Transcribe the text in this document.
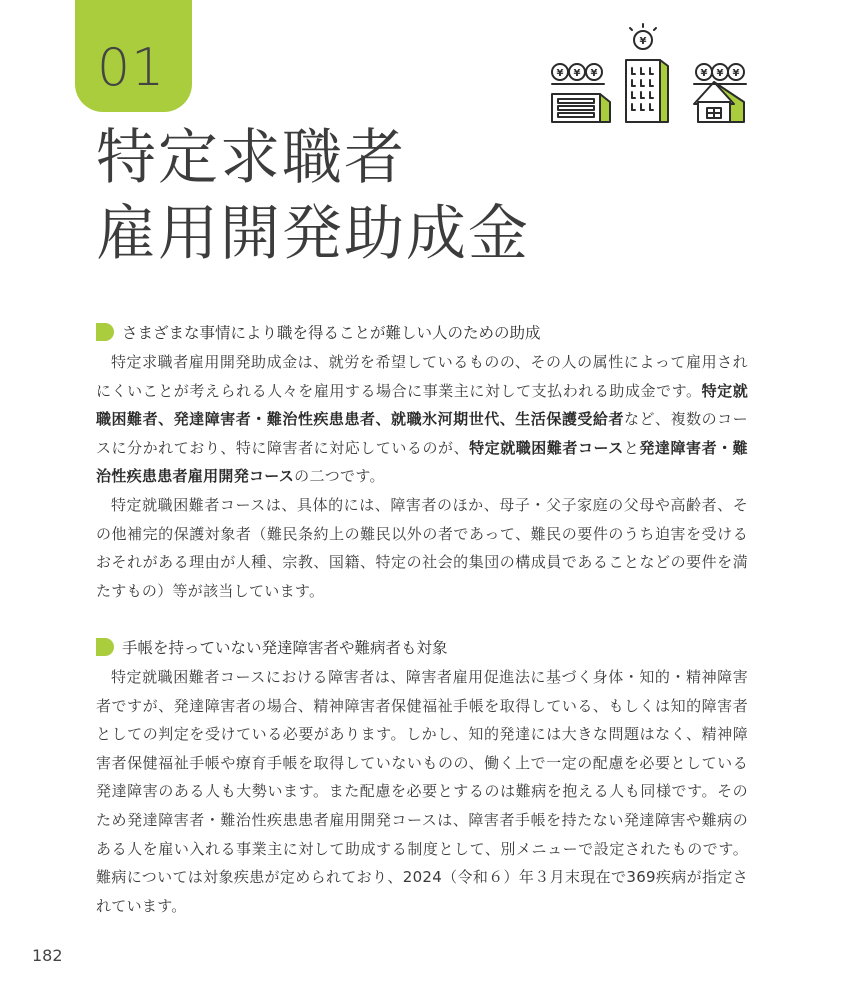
01	¥ ¥ ¥
¥
¥ ¥ ¥
特定求職者
雇用開発助成金
さまざまな事情により職を得ることが難しい人のための助成

特定求職者雇用開発助成金は、就労を希望しているものの、その人の属性によって雇用されにくいことが考えられる人々を雇用する場合に事業主に対して支払われる助成金です。特定就職困難者、発達障害者・難治性疾患患者、就職氷河期世代、生活保護受給者など、複数のコースに分かれており、特に障害者に対応しているのが、特定就職困難者コースと発達障害者・難治性疾患患者雇用開発コースの二つです。

特定就職困難者コースは、具体的には、障害者のほか、母子・父子家庭の父母や高齢者、その他補完的保護対象者（難民条約上の難民以外の者であって、難民の要件のうち迫害を受けるおそれがある理由が人種、宗教、国籍、特定の社会的集団の構成員であることなどの要件を満たすもの）等が該当しています。

手帳を持っていない発達障害者や難病者も対象

特定就職困難者コースにおける障害者は、障害者雇用促進法に基づく身体・知的・精神障害者ですが、発達障害者の場合、精神障害者保健福祉手帳を取得している、もしくは知的障害者としての判定を受けている必要があります。しかし、知的発達には大きな問題はなく、精神障害者保健福祉手帳や療育手帳を取得していないものの、働く上で一定の配慮を必要としている発達障害のある人も大勢います。また配慮を必要とするのは難病を抱える人も同様です。そのため発達障害者・難治性疾患患者雇用開発コースは、障害者手帳を持たない発達障害や難病のある人を雇い入れる事業主に対して助成する制度として、別メニューで設定されたものです。難病については対象疾患が定められており、2024（令和６）年３月末現在で369疾病が指定されています。

182
